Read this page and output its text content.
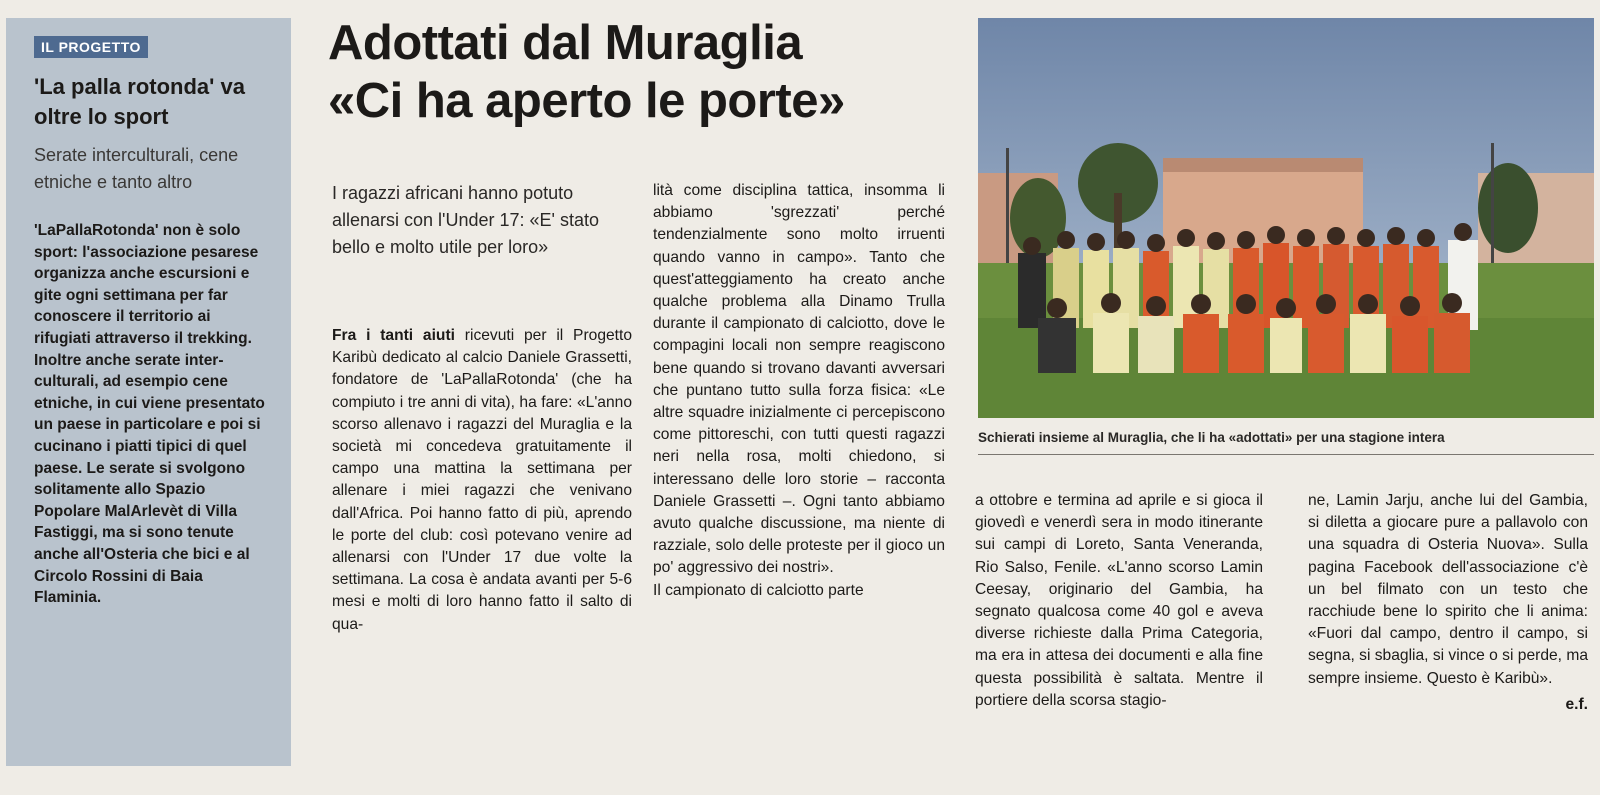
IL PROGETTO
'La palla rotonda' va oltre lo sport
Serate interculturali, cene etniche e tanto altro
'LaPallaRotonda' non è solo sport: l'associazione pesarese organizza anche escursioni e gite ogni settimana per far conoscere il territorio ai rifugiati attraverso il trekking. Inoltre anche serate inter-culturali, ad esempio cene etniche, in cui viene presentato un paese in particolare e poi si cucinano i piatti tipici di quel paese. Le serate si svolgono solitamente allo Spazio Popolare MalArlevèt di Villa Fastiggi, ma si sono tenute anche all'Osteria che bici e al Circolo Rossini di Baia Flaminia.
Adottati dal Muraglia
«Ci ha aperto le porte»
I ragazzi africani hanno potuto allenarsi con l'Under 17: «E' stato bello e molto utile per loro»

Fra i tanti aiuti ricevuti per il Progetto Karibù dedicato al calcio Daniele Grassetti, fondatore de 'LaPallaRotonda' (che ha compiuto i tre anni di vita), ha fare: «L'anno scorso allenavo i ragazzi del Muraglia e la società mi concedeva gratuitamente il campo una mattina la settimana per allenare i miei ragazzi che venivano dall'Africa. Poi hanno fatto di più, aprendo le porte del club: così potevano venire ad allenarsi con l'Under 17 due volte la settimana. La cosa è andata avanti per 5-6 mesi e molti di loro hanno fatto il salto di qua-

lità come disciplina tattica, insomma li abbiamo 'sgrezzati' perché tendenzialmente sono molto irruenti quando vanno in campo». Tanto che quest'atteggiamento ha creato anche qualche problema alla Dinamo Trulla durante il campionato di calciotto, dove le compagini locali non sempre reagiscono bene quando si trovano davanti avversari che puntano tutto sulla forza fisica: «Le altre squadre inizialmente ci percepiscono come pittoreschi, con tutti questi ragazzi neri nella rosa, molti chiedono, si interessano delle loro storie – racconta Daniele Grassetti –. Ogni tanto abbiamo avuto qualche discussione, ma niente di razziale, solo delle proteste per il gioco un po' aggressivo dei nostri».

Il campionato di calciotto parte

Schierati insieme al Muraglia, che li ha «adottati» per una stagione intera

a ottobre e termina ad aprile e si gioca il giovedì e venerdì sera in modo itinerante sui campi di Loreto, Santa Veneranda, Rio Salso, Fenile. «L'anno scorso Lamin Ceesay, originario del Gambia, ha segnato qualcosa come 40 gol e aveva diverse richieste dalla Prima Categoria, ma era in attesa dei documenti e alla fine questa possibilità è saltata. Mentre il portiere della scorsa stagio-

ne, Lamin Jarju, anche lui del Gambia, si diletta a giocare pure a pallavolo con una squadra di Osteria Nuova». Sulla pagina Facebook dell'associazione c'è un bel filmato con un testo che racchiude bene lo spirito che li anima: «Fuori dal campo, dentro il campo, si segna, si sbaglia, si vince o si perde, ma sempre insieme. Questo è Karibù».

e.f.
